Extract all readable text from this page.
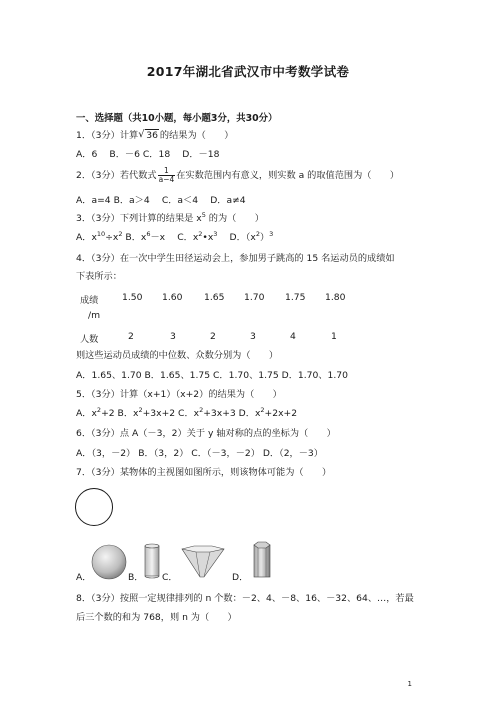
2017年湖北省武汉市中考数学试卷
一、选择题（共10小题，每小题3分，共30分）
1．（3分）计算 √ 36 的结果为（　　）
A．6　 B．－6 C．18　 D．－18
2．（3分）若代数式 $\frac{1}{a-4}$ 在实数范围内有意义，则实数 a 的取值范围为（　　）
A．a=4 B．a＞4　 C．a＜4　 D．a≠4
3．（3分）下列计算的结果是 $x^5$ 的为（　　）
A．$x^{10}\div x^2$ B．$x^6-x$　 C．$x^2•x^3$　 D．$(x^2)^3$
4．（3分）在一次中学生田径运动会上，参加男子跳高的 15 名运动员的成绩如
下表所示：
成绩	1.50 1.60 1.65 1.70 1.75 1.80
/m
人数	2	3	2	3	4	1
则这些运动员成绩的中位数、众数分别为（　　）
A．1.65、1.70 B．1.65、1.75 C．1.70、1.75 D．1.70、1.70
5．（3分）计算（x+1）（x+2）的结果为（　　）
A．$x^2+2$ B．$x^2+3x+2$ C．$x^2+3x+3$ D．$x^2+2x+2$
6．（3分）点 A（－3，2）关于 y 轴对称的点的坐标为（　　）
A．（3，－2） B．（3，2） C．（－3，－2） D．（2，－3）
7．（3分）某物体的主视图如图所示，则该物体可能为（　　）
A．	B． C．	D．
8．（3分）按照一定规律排列的 n 个数：－2、4、－8、16、－32、64、…，若最
后三个数的和为 768，则 n 为（　　）
1
